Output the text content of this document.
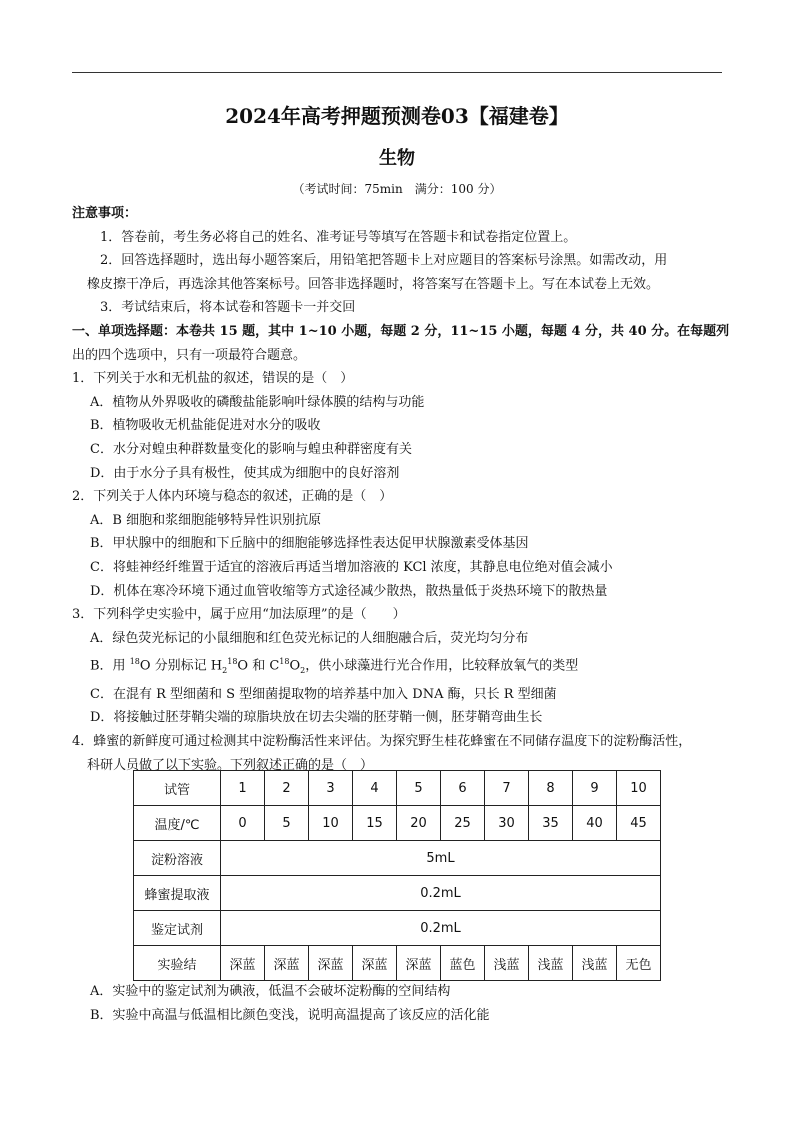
2024年高考押题预测卷03【福建卷】
生物
（考试时间：75min　满分：100 分）
注意事项：
1．答卷前，考生务必将自己的姓名、准考证号等填写在答题卡和试卷指定位置上。
2．回答选择题时，选出每小题答案后，用铅笔把答题卡上对应题目的答案标号涂黑。如需改动，用
橡皮擦干净后，再选涂其他答案标号。回答非选择题时，将答案写在答题卡上。写在本试卷上无效。
3．考试结束后，将本试卷和答题卡一并交回
一、单项选择题：本卷共 15 题，其中 1~10 小题，每题 2 分，11~15 小题，每题 4 分，共 40 分。在每题列
出的四个选项中，只有一项最符合题意。
1．下列关于水和无机盐的叙述，错误的是（　）
A．植物从外界吸收的磷酸盐能影响叶绿体膜的结构与功能
B．植物吸收无机盐能促进对水分的吸收
C．水分对蝗虫种群数量变化的影响与蝗虫种群密度有关
D．由于水分子具有极性，使其成为细胞中的良好溶剂
2．下列关于人体内环境与稳态的叙述，正确的是（　）
A．B 细胞和浆细胞能够特异性识别抗原
B．甲状腺中的细胞和下丘脑中的细胞能够选择性表达促甲状腺激素受体基因
C．将蛙神经纤维置于适宜的溶液后再适当增加溶液的 KCl 浓度，其静息电位绝对值会减小
D．机体在寒冷环境下通过血管收缩等方式途径减少散热，散热量低于炎热环境下的散热量
3．下列科学史实验中，属于应用“加法原理”的是（　　）
A．绿色荧光标记的小鼠细胞和红色荧光标记的人细胞融合后，荧光均匀分布
B．用 $^{18}$O 分别标记 $H_2^{18}O$ 和 $C^{18}O_2$，供小球藻进行光合作用，比较释放氧气的类型
C．在混有 R 型细菌和 S 型细菌提取物的培养基中加入 DNA 酶，只长 R 型细菌
D．将接触过胚芽鞘尖端的琼脂块放在切去尖端的胚芽鞘一侧，胚芽鞘弯曲生长
4．蜂蜜的新鲜度可通过检测其中淀粉酶活性来评估。为探究野生桂花蜂蜜在不同储存温度下的淀粉酶活性，
科研人员做了以下实验。下列叙述正确的是（　）
试管	1	2	3	4	5	6	7	8	9	10
温度/℃	0	5	10	15	20	25	30	35	40	45
淀粉溶液	5mL									
蜂蜜提取液	0.2mL									
鉴定试剂	0.2mL									
实验结	深蓝	深蓝	深蓝	深蓝	深蓝	蓝色	浅蓝	浅蓝	浅蓝	无色
A．实验中的鉴定试剂为碘液，低温不会破坏淀粉酶的空间结构
B．实验中高温与低温相比颜色变浅，说明高温提高了该反应的活化能
